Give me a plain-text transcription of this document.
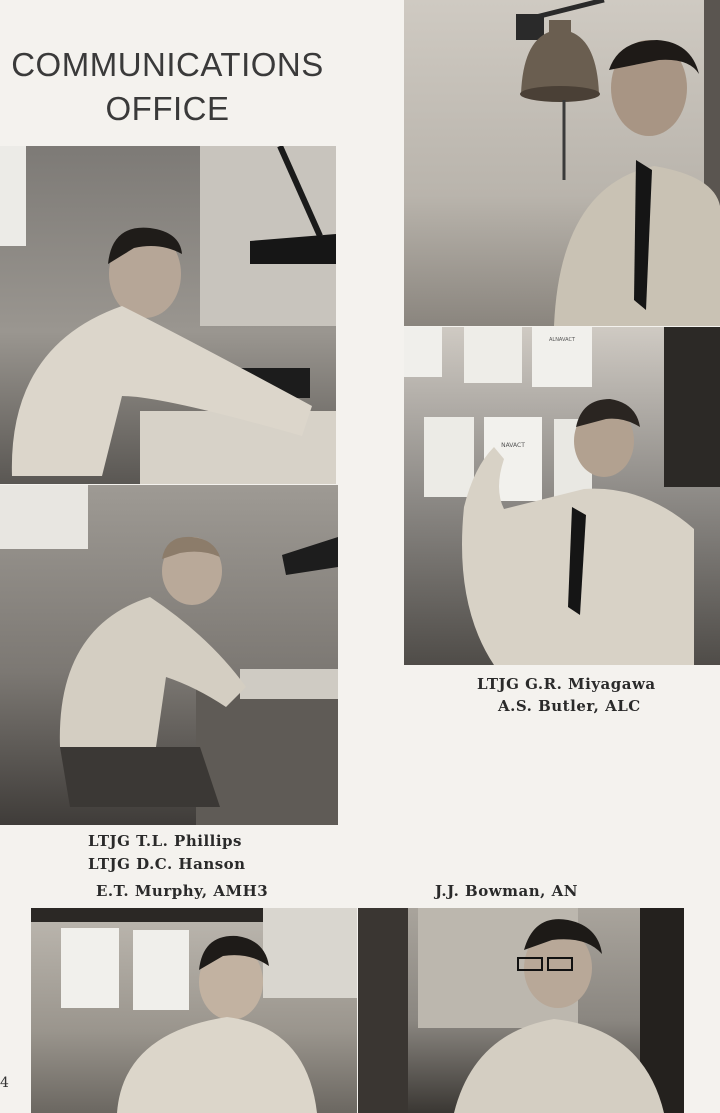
COMMUNICATIONS
OFFICE
ALNAVACT
NAVACT
LTJG G.R. Miyagawa
A.S. Butler, ALC
LTJG T.L. Phillips
LTJG D.C. Hanson
E.T. Murphy, AMH3	J.J. Bowman, AN
4
